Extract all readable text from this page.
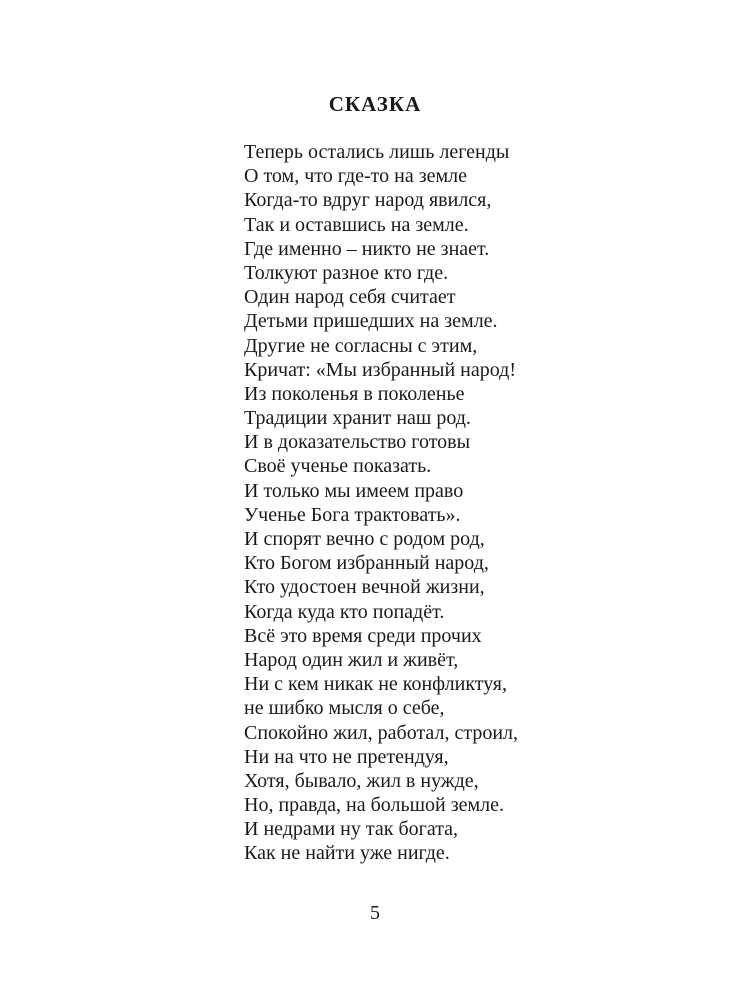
СКАЗКА
Теперь остались лишь легенды
О том, что где-то на земле
Когда-то вдруг народ явился,
Так и оставшись на земле.
Где именно – никто не знает.
Толкуют разное кто где.
Один народ себя считает
Детьми пришедших на земле.
Другие не согласны с этим,
Кричат: «Мы избранный народ!
Из поколенья в поколенье
Традиции хранит наш род.
И в доказательство готовы
Своё ученье показать.
И только мы имеем право
Ученье Бога трактовать».
И спорят вечно с родом род,
Кто Богом избранный народ,
Кто удостоен вечной жизни,
Когда куда кто попадёт.
Всё это время среди прочих
Народ один жил и живёт,
Ни с кем никак не конфликтуя,
не шибко мысля о себе,
Спокойно жил, работал, строил,
Ни на что не претендуя,
Хотя, бывало, жил в нужде,
Но, правда, на большой земле.
И недрами ну так богата,
Как не найти уже нигде.
5
